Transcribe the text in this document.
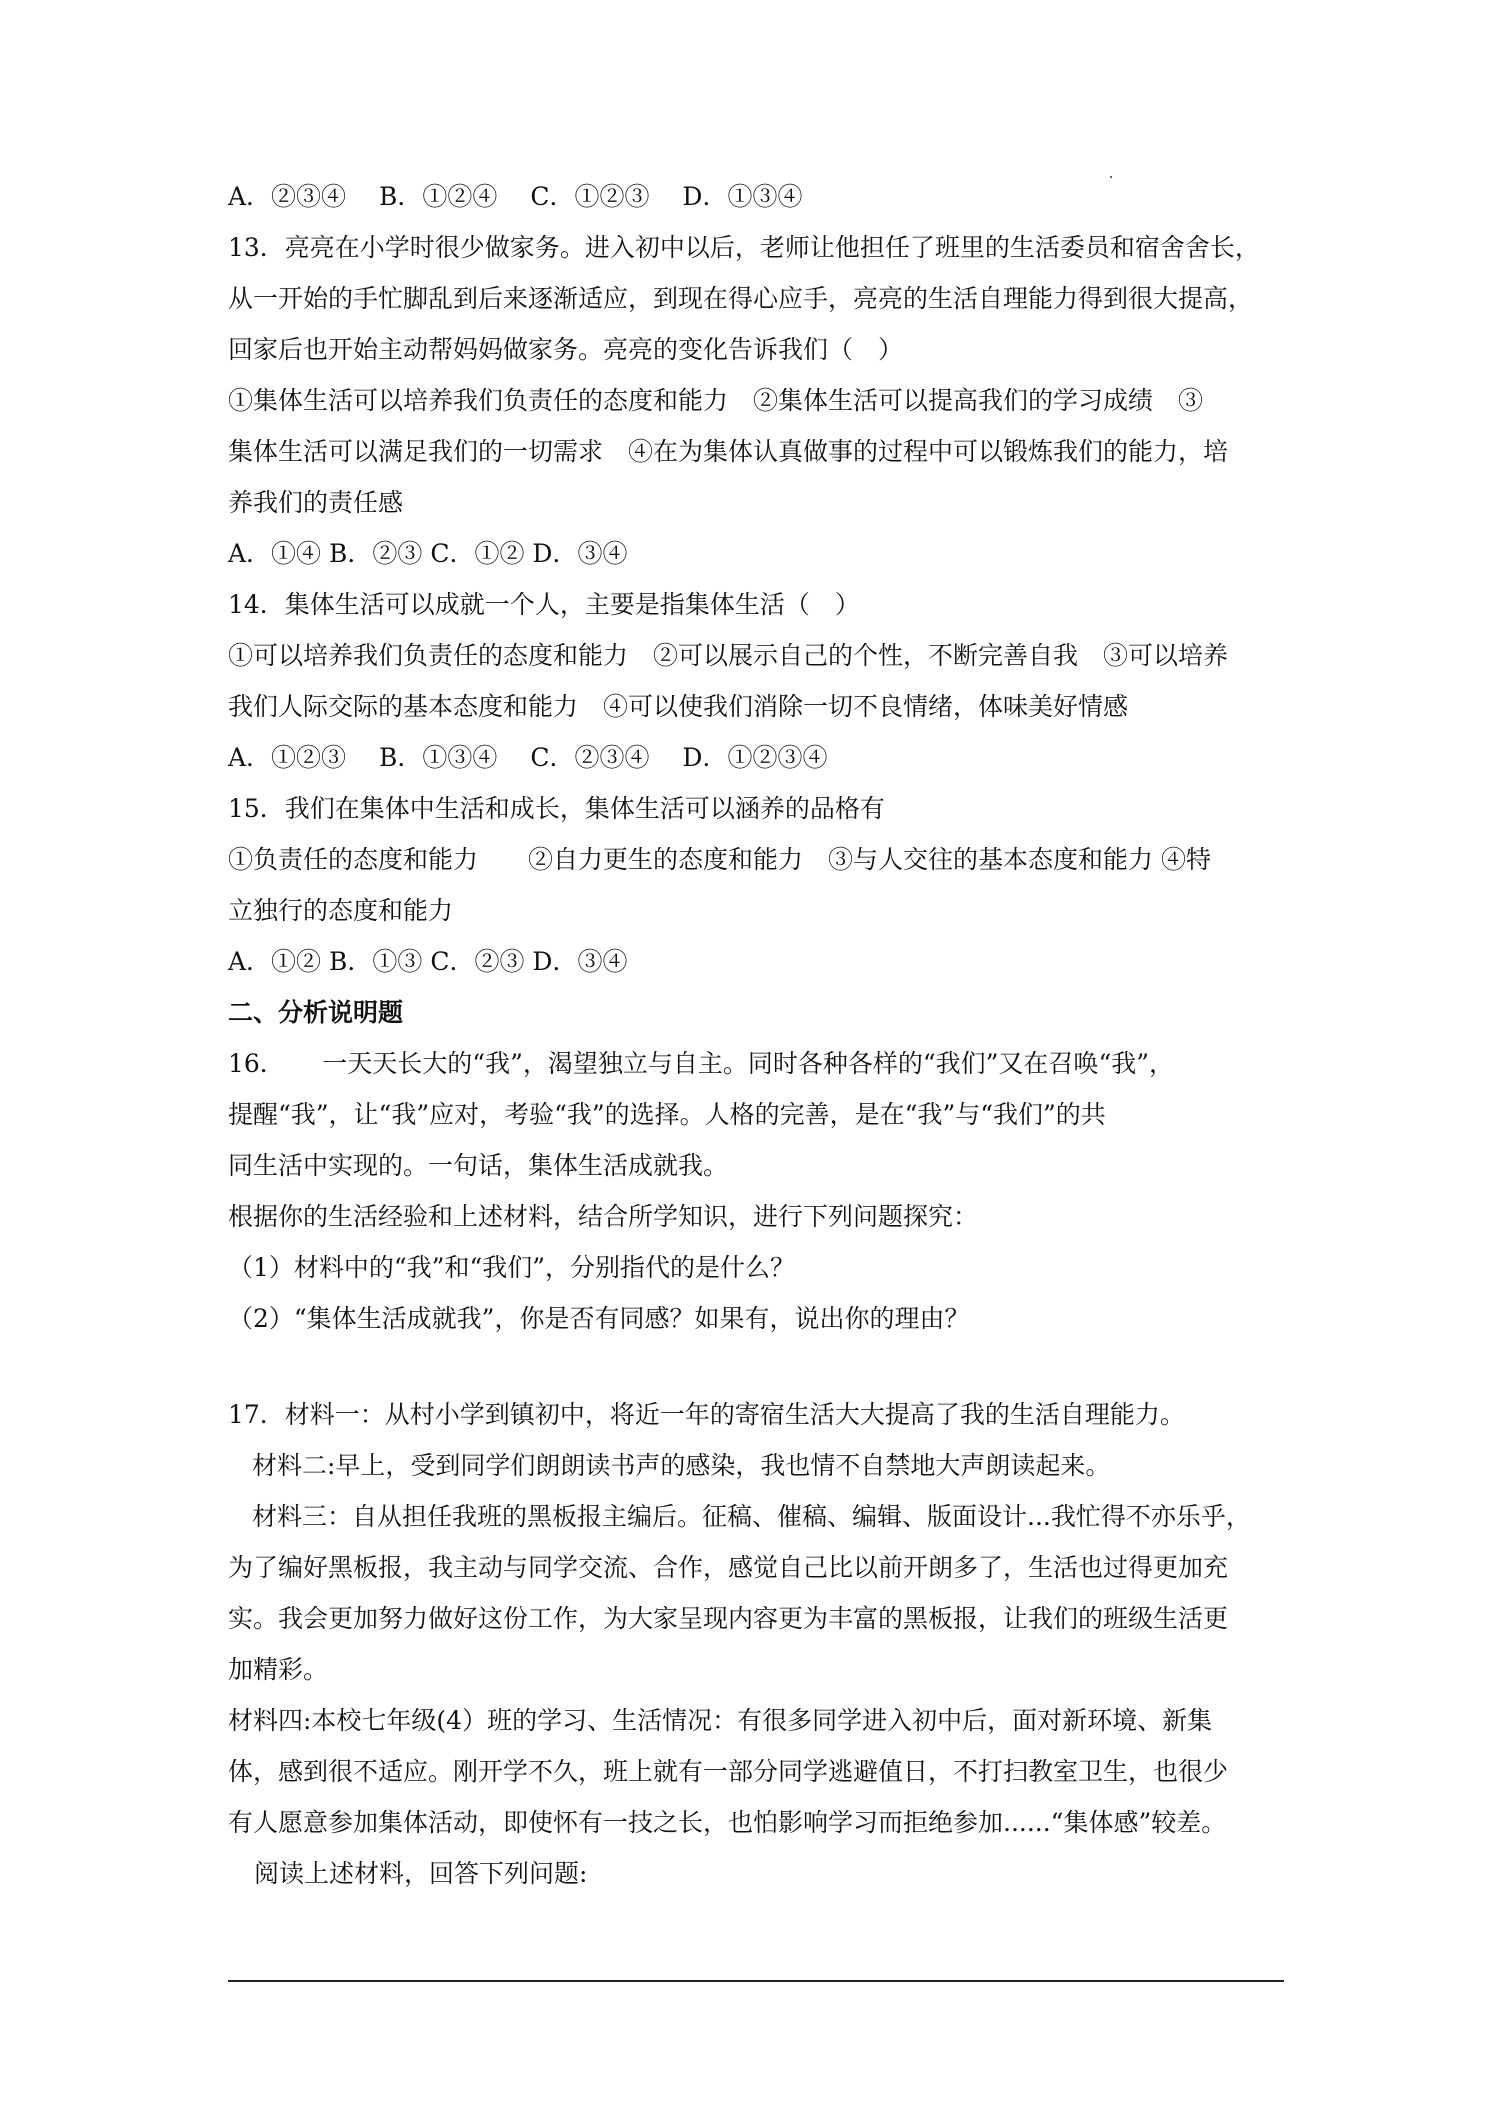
A．②③④　 B．①②④　 C．①②③　 D．①③④
13．亮亮在小学时很少做家务。进入初中以后，老师让他担任了班里的生活委员和宿舍舍长，
从一开始的手忙脚乱到后来逐渐适应，到现在得心应手，亮亮的生活自理能力得到很大提高，
回家后也开始主动帮妈妈做家务。亮亮的变化告诉我们（　）
①集体生活可以培养我们负责任的态度和能力　②集体生活可以提高我们的学习成绩　③
集体生活可以满足我们的一切需求　④在为集体认真做事的过程中可以锻炼我们的能力，培
养我们的责任感
A．①④ B．②③ C．①② D．③④
14．集体生活可以成就一个人，主要是指集体生活（　）
①可以培养我们负责任的态度和能力　②可以展示自己的个性，不断完善自我　③可以培养
我们人际交际的基本态度和能力　④可以使我们消除一切不良情绪，体味美好情感
A．①②③　 B．①③④　 C．②③④　 D．①②③④
15．我们在集体中生活和成长，集体生活可以涵养的品格有
①负责任的态度和能力　　②自力更生的态度和能力　③与人交往的基本态度和能力 ④特
立独行的态度和能力
A．①② B．①③ C．②③ D．③④
二、分析说明题
16．　　一天天长大的“我”，渴望独立与自主。同时各种各样的“我们”又在召唤“我”，
提醒“我”，让“我”应对，考验“我”的选择。人格的完善，是在“我”与“我们”的共
同生活中实现的。一句话，集体生活成就我。
根据你的生活经验和上述材料，结合所学知识，进行下列问题探究：
（1）材料中的“我”和“我们”，分别指代的是什么？
（2）“集体生活成就我”，你是否有同感？如果有，说出你的理由？
17．材料一：从村小学到镇初中，将近一年的寄宿生活大大提高了我的生活自理能力。
材料二:早上，受到同学们朗朗读书声的感染，我也情不自禁地大声朗读起来。
材料三：自从担任我班的黑板报主编后。征稿、催稿、编辑、版面设计...我忙得不亦乐乎，
为了编好黑板报，我主动与同学交流、合作，感觉自己比以前开朗多了，生活也过得更加充
实。我会更加努力做好这份工作，为大家呈现内容更为丰富的黑板报，让我们的班级生活更
加精彩。
材料四:本校七年级(4）班的学习、生活情况：有很多同学进入初中后，面对新环境、新集
体，感到很不适应。刚开学不久，班上就有一部分同学逃避值日，不打扫教室卫生，也很少
有人愿意参加集体活动，即使怀有一技之长，也怕影响学习而拒绝参加......“集体感”较差。
阅读上述材料，回答下列问题:
